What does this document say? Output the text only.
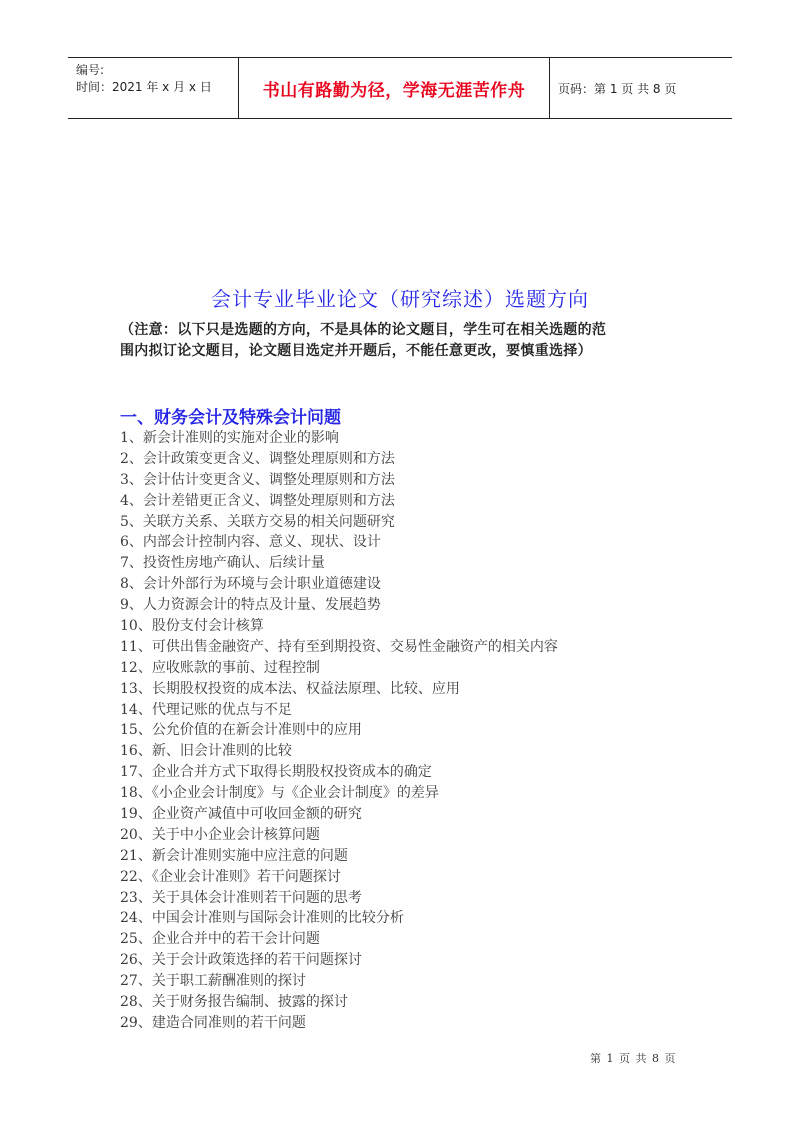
编号:
时间：2021 年 x 月 x 日	书山有路勤为径，学海无涯苦作舟	页码：第 1 页 共 8 页
会计专业毕业论文（研究综述）选题方向
（注意：以下只是选题的方向，不是具体的论文题目，学生可在相关选题的范
围内拟订论文题目，论文题目选定并开题后，不能任意更改，要慎重选择）
一、财务会计及特殊会计问题
1、新会计准则的实施对企业的影响
2、会计政策变更含义、调整处理原则和方法
3、会计估计变更含义、调整处理原则和方法
4、会计差错更正含义、调整处理原则和方法
5、关联方关系、关联方交易的相关问题研究
6、内部会计控制内容、意义、现状、设计
7、投资性房地产确认、后续计量
8、会计外部行为环境与会计职业道德建设
9、人力资源会计的特点及计量、发展趋势
10、股份支付会计核算
11、可供出售金融资产、持有至到期投资、交易性金融资产的相关内容
12、应收账款的事前、过程控制
13、长期股权投资的成本法、权益法原理、比较、应用
14、代理记账的优点与不足
15、公允价值的在新会计准则中的应用
16、新、旧会计准则的比较
17、企业合并方式下取得长期股权投资成本的确定
18、《小企业会计制度》与《企业会计制度》的差异
19、企业资产减值中可收回金额的研究
20、关于中小企业会计核算问题
21、新会计准则实施中应注意的问题
22、《企业会计准则》若干问题探讨
23、关于具体会计准则若干问题的思考
24、中国会计准则与国际会计准则的比较分析
25、企业合并中的若干会计问题
26、关于会计政策选择的若干问题探讨
27、关于职工薪酬准则的探讨
28、关于财务报告编制、披露的探讨
29、建造合同准则的若干问题
第 1 页 共 8 页
